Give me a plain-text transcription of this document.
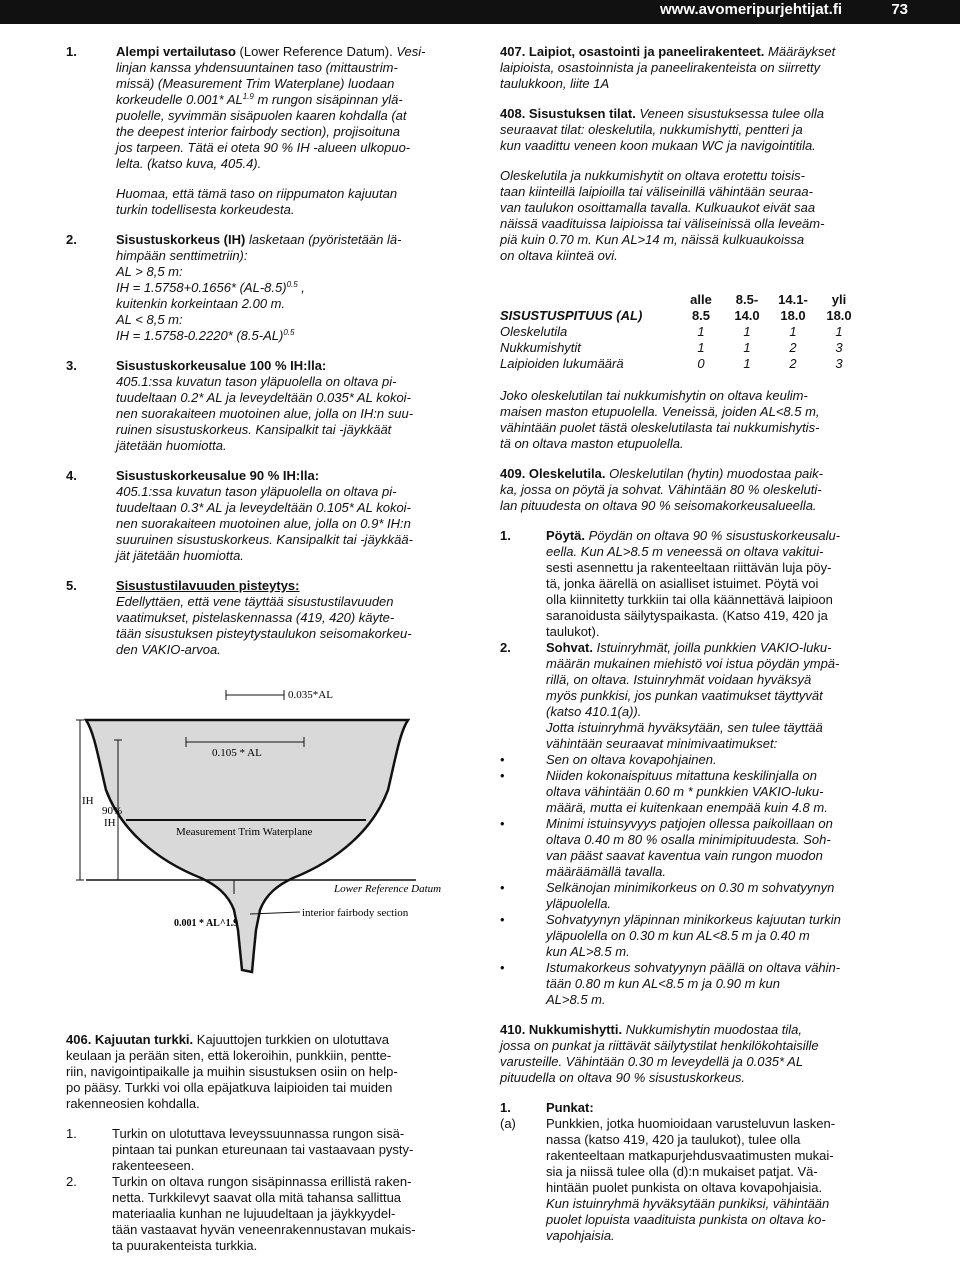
www.avomeripurjehtijat.fi	73
1.	Alempi vertailutaso (Lower Reference Datum). Vesi-
linjan kanssa yhdensuuntainen taso (mittaustrim-
missä) (Measurement Trim Waterplane) luodaan
korkeudelle 0.001* $AL^{1.9}$ m rungon sisäpinnan ylä-
puolelle, syvimmän sisäpuolen kaaren kohdalla (at
the deepest interior fairbody section), projisoituna
jos tarpeen. Tätä ei oteta 90 % IH -alueen ulkopuo-
lelta. (katso kuva, 405.4).
Huomaa, että tämä taso on riippumaton kajuutan
turkin todellisesta korkeudesta.
2.	Sisustuskorkeus (IH) lasketaan (pyöristetään lä-
himpään senttimetriin):
AL > 8,5 m:
IH = 1.5758+0.1656* $(AL-8.5)^{0.5}$ ,
kuitenkin korkeintaan 2.00 m.
AL < 8,5 m:
IH = 1.5758-0.2220* $(8.5-AL)^{0.5}$
3.	Sisustuskorkeusalue 100 % IH:lla:
405.1:ssa kuvatun tason yläpuolella on oltava pi-
tuudeltaan 0.2* AL ja leveydeltään 0.035* AL kokoi-
nen suorakaiteen muotoinen alue, jolla on IH:n suu-
ruinen sisustuskorkeus. Kansipalkit tai -jäykkäät
jätetään huomiotta.
4.	Sisustuskorkeusalue 90 % IH:lla:
405.1:ssa kuvatun tason yläpuolella on oltava pi-
tuudeltaan 0.3* AL ja leveydeltään 0.105* AL kokoi-
nen suorakaiteen muotoinen alue, jolla on 0.9* IH:n
suuruinen sisustuskorkeus. Kansipalkit tai -jäykkää-
jät jätetään huomiotta.
5.	Sisustustilavuuden pisteytys:
Edellyttäen, että vene täyttää sisustustilavuuden
vaatimukset, pistelaskennassa (419, 420) käyte-
tään sisustuksen pisteytystaulukon seisomakorkeu-
den VAKIO-arvoa.
0.035*AL
0.105 * AL
Measurement Trim Waterplane
IH
90%
IH
Lower Reference Datum
0.001 * AL^1.9
interior fairbody section
406. Kajuutan turkki. Kajuuttojen turkkien on ulotuttava
keulaan ja perään siten, että lokeroihin, punkkiin, pentte-
riin, navigointipaikalle ja muihin sisustuksen osiin on help-
po pääsy. Turkki voi olla epäjatkuva laipioiden tai muiden
rakenneosien kohdalla.
1.	Turkin on ulotuttava leveyssuunnassa rungon sisä-
pintaan tai punkan etureunaan tai vastaavaan pysty-
rakenteeseen.
2.	Turkin on oltava rungon sisäpinnassa erillistä raken-
netta. Turkkilevyt saavat olla mitä tahansa sallittua
materiaalia kunhan ne lujuudeltaan ja jäykkyydel-
tään vastaavat hyvän veneenrakennustavan mukais-
ta puurakenteista turkkia.
407. Laipiot, osastointi ja paneelirakenteet. Määräykset
laipioista, osastoinnista ja paneelirakenteista on siirretty
taulukkoon, liite 1A
408. Sisustuksen tilat. Veneen sisustuksessa tulee olla
seuraavat tilat: oleskelutila, nukkumishytti, pentteri ja
kun vaadittu veneen koon mukaan WC ja navigointitila.
Oleskelutila ja nukkumishytit on oltava erotettu toisis-
taan kiinteillä laipioilla tai väliseinillä vähintään seuraa-
van taulukon osoittamalla tavalla. Kulkuaukot eivät saa
näissä vaadituissa laipioissa tai väliseinissä olla leveäm-
piä kuin 0.70 m. Kun AL>14 m, näissä kulkuaukoissa
on oltava kiinteä ovi.
	alle	8.5-	14.1-	yli
SISUSTUSPITUUS (AL)	8.5	14.0	18.0	18.0
Oleskelutila	1	1	1	1
Nukkumishytit	1	1	2	3
Laipioiden lukumäärä	0	1	2	3
Joko oleskelutilan tai nukkumishytin on oltava keulim-
maisen maston etupuolella. Veneissä, joiden AL<8.5 m,
vähintään puolet tästä oleskelutilasta tai nukkumishytis-
tä on oltava maston etupuolella.
409. Oleskelutila. Oleskelutilan (hytin) muodostaa paik-
ka, jossa on pöytä ja sohvat. Vähintään 80 % oleskeluti-
lan pituudesta on oltava 90 % seisomakorkeusalueella.
1.	Pöytä. Pöydän on oltava 90 % sisustuskorkeusalu-
eella. Kun AL>8.5 m veneessä on oltava vakitui-
sesti asennettu ja rakenteeltaan riittävän luja pöy-
tä, jonka äärellä on asialliset istuimet. Pöytä voi
olla kiinnitetty turkkiin tai olla käännettävä laipioon
saranoidusta säilytyspaikasta. (Katso 419, 420 ja
taulukot).
2.	Sohvat. Istuinryhmät, joilla punkkien VAKIO-luku-
määrän mukainen miehistö voi istua pöydän ympä-
rillä, on oltava. Istuinryhmät voidaan hyväksyä
myös punkkisi, jos punkan vaatimukset täyttyvät
(katso 410.1(a)).
Jotta istuinryhmä hyväksytään, sen tulee täyttää
vähintään seuraavat minimivaatimukset:
•	Sen on oltava kovapohjainen.
•	Niiden kokonaispituus mitattuna keskilinjalla on
oltava vähintään 0.60 m * punkkien VAKIO-luku-
määrä, mutta ei kuitenkaan enempää kuin 4.8 m.
•	Minimi istuinsyvyys patjojen ollessa paikoillaan on
oltava 0.40 m 80 % osalla minimipituudesta. Soh-
van pääst saavat kaventua vain rungon muodon
määräämällä tavalla.
•	Selkänojan minimikorkeus on 0.30 m sohvatyynyn
yläpuolella.
•	Sohvatyynyn yläpinnan minikorkeus kajuutan turkin
yläpuolella on 0.30 m kun AL<8.5 m ja 0.40 m
kun AL>8.5 m.
•	Istumakorkeus sohvatyynyn päällä on oltava vähin-
tään 0.80 m kun AL<8.5 m ja 0.90 m kun
AL>8.5 m.
410. Nukkumishytti. Nukkumishytin muodostaa tila,
jossa on punkat ja riittävät säilytystilat henkilökohtaisille
varusteille. Vähintään 0.30 m leveydellä ja 0.035* AL
pituudella on oltava 90 % sisustuskorkeus.
1.	Punkat:
(a)	Punkkien, jotka huomioidaan varusteluvun lasken-
nassa (katso 419, 420 ja taulukot), tulee olla
rakenteeltaan matkapurjehdusvaatimusten mukai-
sia ja niissä tulee olla (d):n mukaiset patjat. Vä-
hintään puolet punkista on oltava kovapohjaisia.
Kun istuinryhmä hyväksytään punkiksi, vähintään
puolet lopuista vaadituista punkista on oltava ko-
vapohjaisia.
